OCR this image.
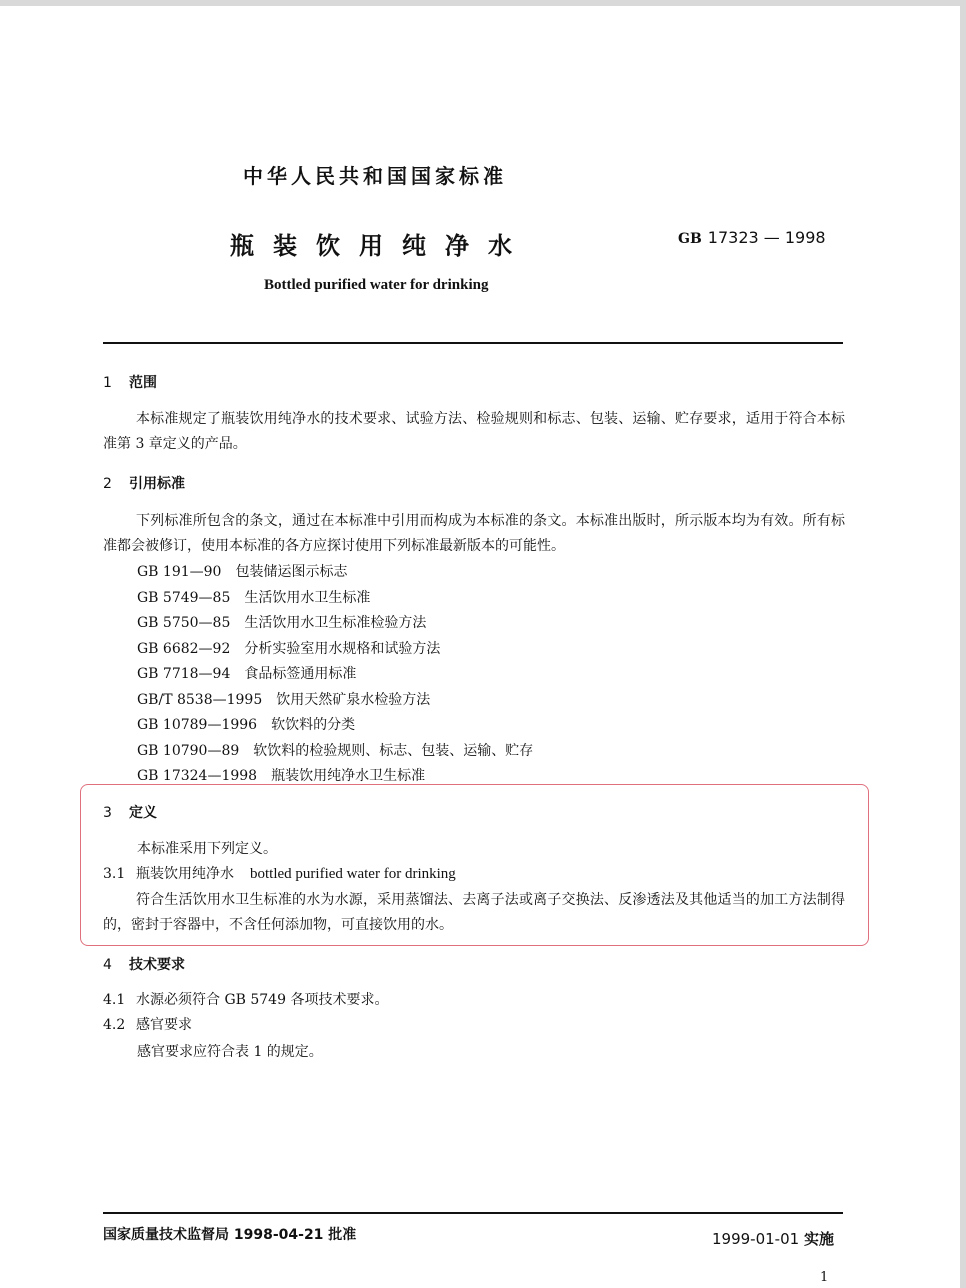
中华人民共和国国家标准
瓶装饮用纯净水	GB 17323 — 1998
Bottled purified water for drinking
1 范围
本标准规定了瓶装饮用纯净水的技术要求、试验方法、检验规则和标志、包装、运输、贮存要求，适用于符合本标准第 3 章定义的产品。
2 引用标准
下列标准所包含的条文，通过在本标准中引用而构成为本标准的条文。本标准出版时，所示版本均为有效。所有标准都会被修订，使用本标准的各方应探讨使用下列标准最新版本的可能性。
GB 191—90 包装储运图示标志
GB 5749—85 生活饮用水卫生标准
GB 5750—85 生活饮用水卫生标准检验方法
GB 6682—92 分析实验室用水规格和试验方法
GB 7718—94 食品标签通用标准
GB/T 8538—1995 饮用天然矿泉水检验方法
GB 10789—1996 软饮料的分类
GB 10790—89 软饮料的检验规则、标志、包装、运输、贮存
GB 17324—1998 瓶装饮用纯净水卫生标准
3 定义
本标准采用下列定义。
3.1 瓶装饮用纯净水 bottled purified water for drinking
符合生活饮用水卫生标准的水为水源，采用蒸馏法、去离子法或离子交换法、反渗透法及其他适当的加工方法制得的，密封于容器中，不含任何添加物，可直接饮用的水。
4 技术要求
4.1 水源必须符合 GB 5749 各项技术要求。
4.2 感官要求
感官要求应符合表 1 的规定。
国家质量技术监督局 1998-04-21 批准	1999-01-01 实施
1
